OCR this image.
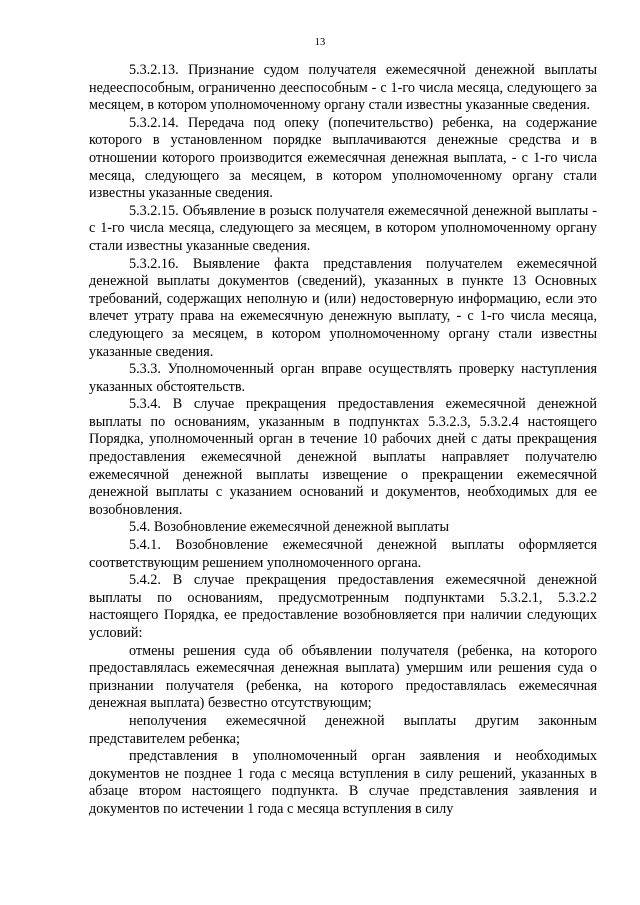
13

5.3.2.13. Признание судом получателя ежемесячной денежной выплаты недееспособным, ограниченно дееспособным - с 1-го числа месяца, следующего за месяцем, в котором уполномоченному органу стали известны указанные сведения.

5.3.2.14. Передача под опеку (попечительство) ребенка, на содержание которого в установленном порядке выплачиваются денежные средства и в отношении которого производится ежемесячная денежная выплата, - с 1-го числа месяца, следующего за месяцем, в котором уполномоченному органу стали известны указанные сведения.

5.3.2.15. Объявление в розыск получателя ежемесячной денежной выплаты - с 1-го числа месяца, следующего за месяцем, в котором уполномоченному органу стали известны указанные сведения.

5.3.2.16. Выявление факта представления получателем ежемесячной денежной выплаты документов (сведений), указанных в пункте 13 Основных требований, содержащих неполную и (или) недостоверную информацию, если это влечет утрату права на ежемесячную денежную выплату, - с 1-го числа месяца, следующего за месяцем, в котором уполномоченному органу стали известны указанные сведения.

5.3.3. Уполномоченный орган вправе осуществлять проверку наступления указанных обстоятельств.

5.3.4. В случае прекращения предоставления ежемесячной денежной выплаты по основаниям, указанным в подпунктах 5.3.2.3, 5.3.2.4 настоящего Порядка, уполномоченный орган в течение 10 рабочих дней с даты прекращения предоставления ежемесячной денежной выплаты направляет получателю ежемесячной денежной выплаты извещение о прекращении ежемесячной денежной выплаты с указанием оснований и документов, необходимых для ее возобновления.

5.4. Возобновление ежемесячной денежной выплаты

5.4.1. Возобновление ежемесячной денежной выплаты оформляется соответствующим решением уполномоченного органа.

5.4.2. В случае прекращения предоставления ежемесячной денежной выплаты по основаниям, предусмотренным подпунктами 5.3.2.1, 5.3.2.2 настоящего Порядка, ее предоставление возобновляется при наличии следующих условий:

отмены решения суда об объявлении получателя (ребенка, на которого предоставлялась ежемесячная денежная выплата) умершим или решения суда о признании получателя (ребенка, на которого предоставлялась ежемесячная денежная выплата) безвестно отсутствующим;

неполучения ежемесячной денежной выплаты другим законным представителем ребенка;

представления в уполномоченный орган заявления и необходимых документов не позднее 1 года с месяца вступления в силу решений, указанных в абзаце втором настоящего подпункта. В случае представления заявления и документов по истечении 1 года с месяца вступления в силу
